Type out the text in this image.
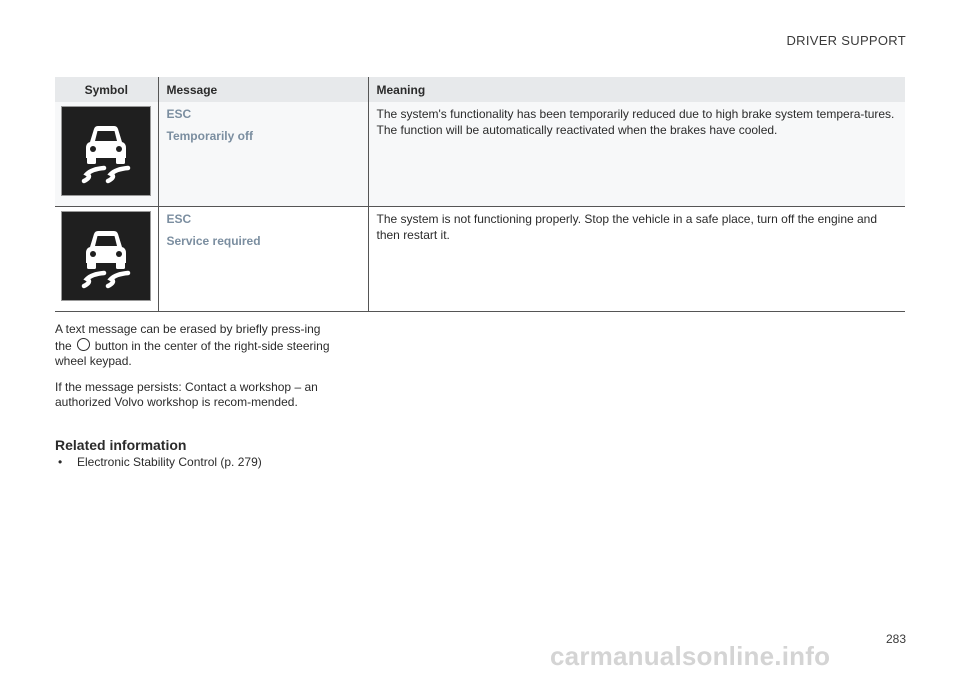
DRIVER SUPPORT
Symbol	Message	Meaning

ESC
Temporarily off	The system's functionality has been temporarily reduced due to high brake system tempera-tures. The function will be automatically reactivated when the brakes have cooled.

ESC
Service required	The system is not functioning properly. Stop the vehicle in a safe place, turn off the engine and then restart it.

A text message can be erased by briefly press-ing the button in the center of the right-side steering wheel keypad.

If the message persists: Contact a workshop – an authorized Volvo workshop is recom-mended.

Related information
• Electronic Stability Control (p. 279)
283
carmanualsonline.info
